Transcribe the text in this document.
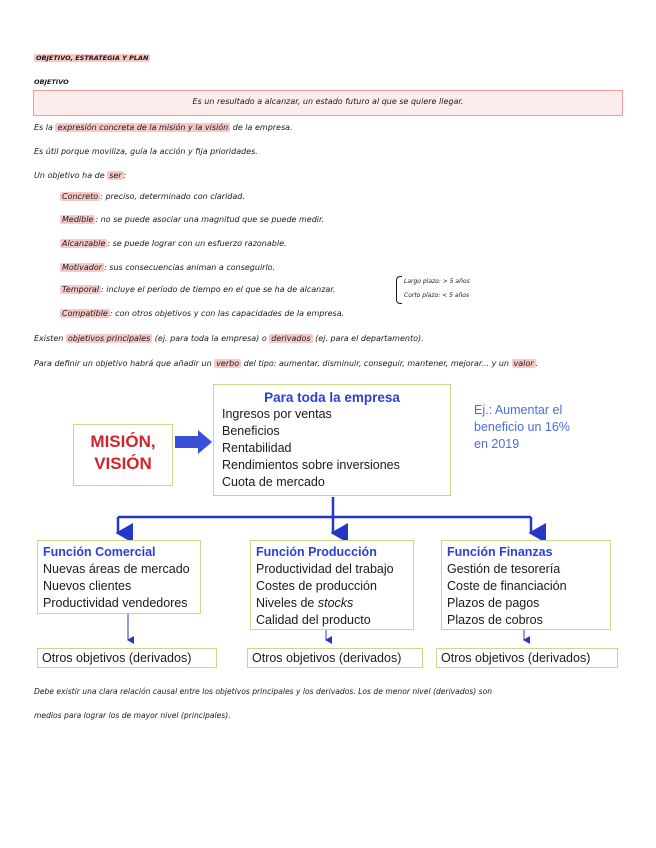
OBJETIVO, ESTRATEGIA Y PLAN
OBJETIVO
Es un resultado a alcanzar, un estado futuro al que se quiere llegar.
Es la expresión concreta de la misión y la visión de la empresa.
Es útil porque moviliza, guía la acción y fija prioridades.
Un objetivo ha de ser :
Concreto : preciso, determinado con claridad.
Medible : no se puede asociar una magnitud que se puede medir.
Alcanzable : se puede lograr con un esfuerzo razonable.
Motivador : sus consecuencias animan a conseguirlo.
Temporal : incluye el período de tiempo en el que se ha de alcanzar.
Largo plazo: > 5 años
Corto plazo: < 5 años
Compatible : con otros objetivos y con las capacidades de la empresa.
Existen objetivos principales (ej. para toda la empresa) o derivados (ej. para el departamento).
Para definir un objetivo habrá que añadir un verbo del tipo: aumentar, disminuir, conseguir, mantener, mejorar... y un valor .
MISIÓN,
VISIÓN
Para toda la empresa
Ingresos por ventas
Beneficios
Rentabilidad
Rendimientos sobre inversiones
Cuota de mercado
Ej.: Aumentar el beneficio un 16% en 2019
Función Comercial
Nuevas áreas de mercado
Nuevos clientes
Productividad vendedores
Función Producción
Productividad del trabajo
Costes de producción
Niveles de stocks
Calidad del producto
Función Finanzas
Gestión de tesorería
Coste de financiación
Plazos de pagos
Plazos de cobros
Otros objetivos (derivados)	Otros objetivos (derivados)	Otros objetivos (derivados)
Debe existir una clara relación causal entre los objetivos principales y los derivados. Los de menor nivel (derivados) son
medios para lograr los de mayor nivel (principales).
